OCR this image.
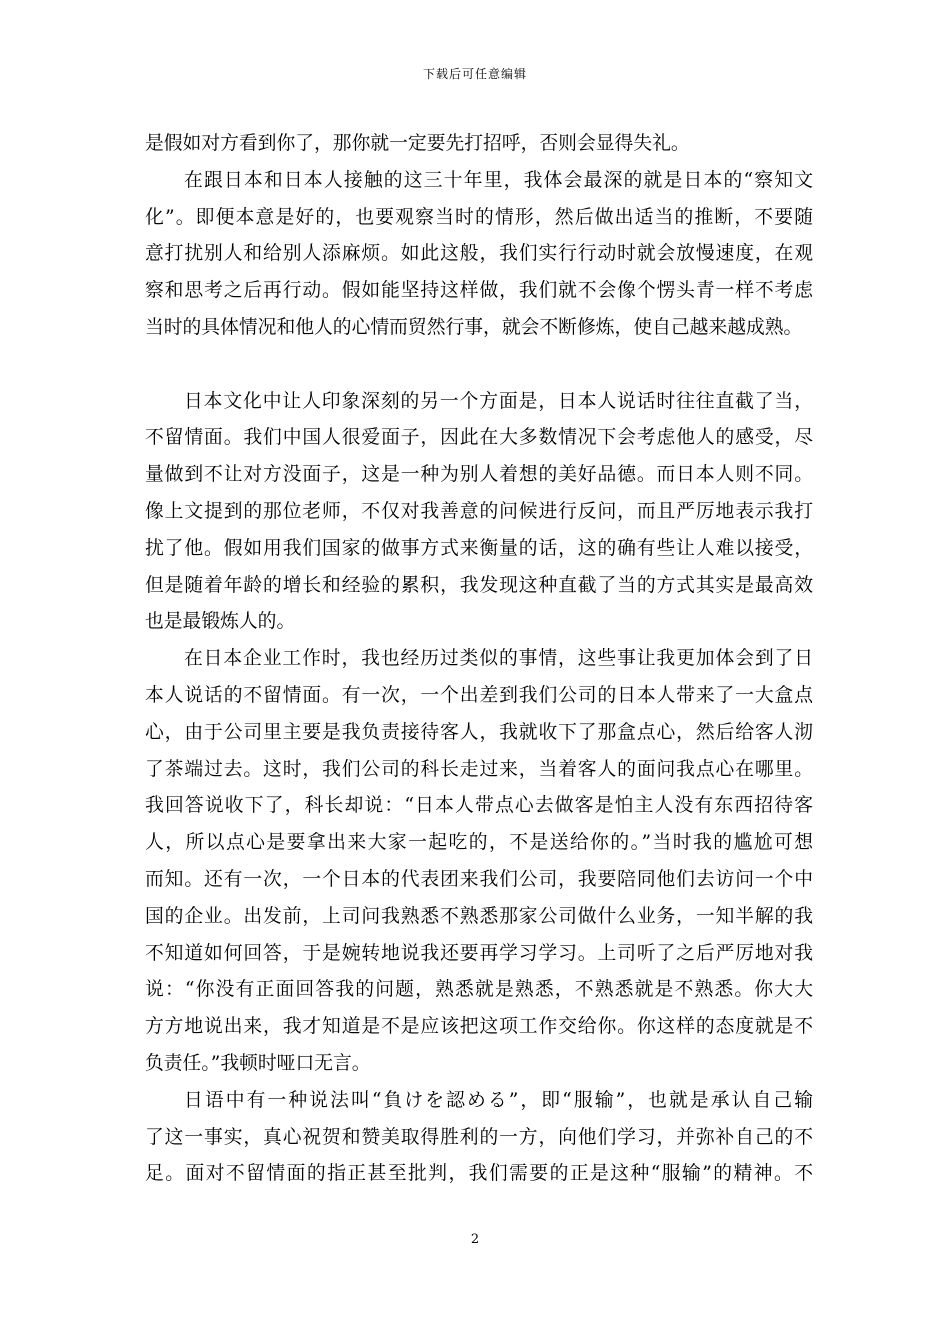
下载后可任意编辑
是假如对方看到你了，那你就一定要先打招呼，否则会显得失礼。
在跟日本和日本人接触的这三十年里，我体会最深的就是日本的“察知文
化”。即便本意是好的，也要观察当时的情形，然后做出适当的推断，不要随
意打扰别人和给别人添麻烦。如此这般，我们实行行动时就会放慢速度，在观
察和思考之后再行动。假如能坚持这样做，我们就不会像个愣头青一样不考虑
当时的具体情况和他人的心情而贸然行事，就会不断修炼，使自己越来越成熟。
日本文化中让人印象深刻的另一个方面是，日本人说话时往往直截了当，
不留情面。我们中国人很爱面子，因此在大多数情况下会考虑他人的感受，尽
量做到不让对方没面子，这是一种为别人着想的美好品德。而日本人则不同。
像上文提到的那位老师，不仅对我善意的问候进行反问，而且严厉地表示我打
扰了他。假如用我们国家的做事方式来衡量的话，这的确有些让人难以接受，
但是随着年龄的增长和经验的累积，我发现这种直截了当的方式其实是最高效
也是最锻炼人的。
在日本企业工作时，我也经历过类似的事情，这些事让我更加体会到了日
本人说话的不留情面。有一次，一个出差到我们公司的日本人带来了一大盒点
心，由于公司里主要是我负责接待客人，我就收下了那盒点心，然后给客人沏
了茶端过去。这时，我们公司的科长走过来，当着客人的面问我点心在哪里。
我回答说收下了，科长却说：“日本人带点心去做客是怕主人没有东西招待客
人，所以点心是要拿出来大家一起吃的，不是送给你的。”当时我的尴尬可想
而知。还有一次，一个日本的代表团来我们公司，我要陪同他们去访问一个中
国的企业。出发前，上司问我熟悉不熟悉那家公司做什么业务，一知半解的我
不知道如何回答，于是婉转地说我还要再学习学习。上司听了之后严厉地对我
说：“你没有正面回答我的问题，熟悉就是熟悉，不熟悉就是不熟悉。你大大
方方地说出来，我才知道是不是应该把这项工作交给你。你这样的态度就是不
负责任。”我顿时哑口无言。
日语中有一种说法叫“負けを認める”，即“服输”，也就是承认自己输
了这一事实，真心祝贺和赞美取得胜利的一方，向他们学习，并弥补自己的不
足。面对不留情面的指正甚至批判，我们需要的正是这种“服输”的精神。不
2
